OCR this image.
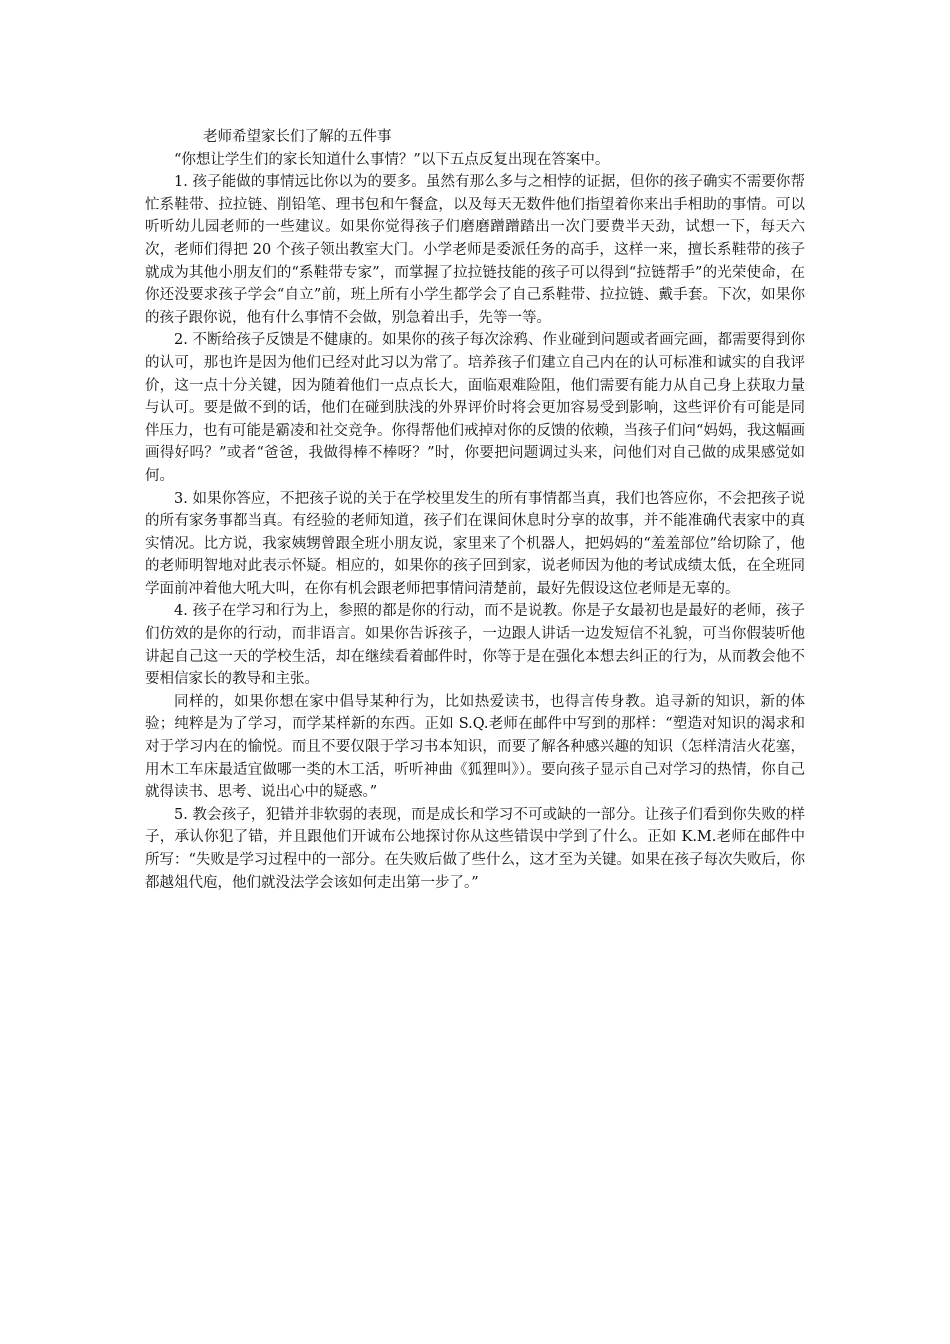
老师希望家长们了解的五件事

“你想让学生们的家长知道什么事情？”以下五点反复出现在答案中。

1. 孩子能做的事情远比你以为的要多。虽然有那么多与之相悖的证据，但你的孩子确实不需要你帮忙系鞋带、拉拉链、削铅笔、理书包和午餐盒，以及每天无数件他们指望着你来出手相助的事情。可以听听幼儿园老师的一些建议。如果你觉得孩子们磨磨蹭蹭踏出一次门要费半天劲，试想一下，每天六次，老师们得把 20 个孩子领出教室大门。小学老师是委派任务的高手，这样一来，擅长系鞋带的孩子就成为其他小朋友们的“系鞋带专家”，而掌握了拉拉链技能的孩子可以得到“拉链帮手”的光荣使命，在你还没要求孩子学会“自立”前，班上所有小学生都学会了自己系鞋带、拉拉链、戴手套。下次，如果你的孩子跟你说，他有什么事情不会做，别急着出手，先等一等。

2. 不断给孩子反馈是不健康的。如果你的孩子每次涂鸦、作业碰到问题或者画完画，都需要得到你的认可，那也许是因为他们已经对此习以为常了。培养孩子们建立自己内在的认可标准和诚实的自我评价，这一点十分关键，因为随着他们一点点长大，面临艰难险阻，他们需要有能力从自己身上获取力量与认可。要是做不到的话，他们在碰到肤浅的外界评价时将会更加容易受到影响，这些评价有可能是同伴压力，也有可能是霸凌和社交竞争。你得帮他们戒掉对你的反馈的依赖，当孩子们问“妈妈，我这幅画画得好吗？”或者“爸爸，我做得棒不棒呀？”时，你要把问题调过头来，问他们对自己做的成果感觉如何。

3. 如果你答应，不把孩子说的关于在学校里发生的所有事情都当真，我们也答应你，不会把孩子说的所有家务事都当真。有经验的老师知道，孩子们在课间休息时分享的故事，并不能准确代表家中的真实情况。比方说，我家姨甥曾跟全班小朋友说，家里来了个机器人，把妈妈的“羞羞部位”给切除了，他的老师明智地对此表示怀疑。相应的，如果你的孩子回到家，说老师因为他的考试成绩太低，在全班同学面前冲着他大吼大叫，在你有机会跟老师把事情问清楚前，最好先假设这位老师是无辜的。

4. 孩子在学习和行为上，参照的都是你的行动，而不是说教。你是子女最初也是最好的老师，孩子们仿效的是你的行动，而非语言。如果你告诉孩子，一边跟人讲话一边发短信不礼貌，可当你假装听他讲起自己这一天的学校生活，却在继续看着邮件时，你等于是在强化本想去纠正的行为，从而教会他不要相信家长的教导和主张。

同样的，如果你想在家中倡导某种行为，比如热爱读书，也得言传身教。追寻新的知识，新的体验；纯粹是为了学习，而学某样新的东西。正如 S.Q.老师在邮件中写到的那样：“塑造对知识的渴求和对于学习内在的愉悦。而且不要仅限于学习书本知识，而要了解各种感兴趣的知识（怎样清洁火花塞，用木工车床最适宜做哪一类的木工活，听听神曲《狐狸叫》）。要向孩子显示自己对学习的热情，你自己就得读书、思考、说出心中的疑惑。”

5. 教会孩子，犯错并非软弱的表现，而是成长和学习不可或缺的一部分。让孩子们看到你失败的样子，承认你犯了错，并且跟他们开诚布公地探讨你从这些错误中学到了什么。正如 K.M.老师在邮件中所写：“失败是学习过程中的一部分。在失败后做了些什么，这才至为关键。如果在孩子每次失败后，你都越俎代庖，他们就没法学会该如何走出第一步了。”
